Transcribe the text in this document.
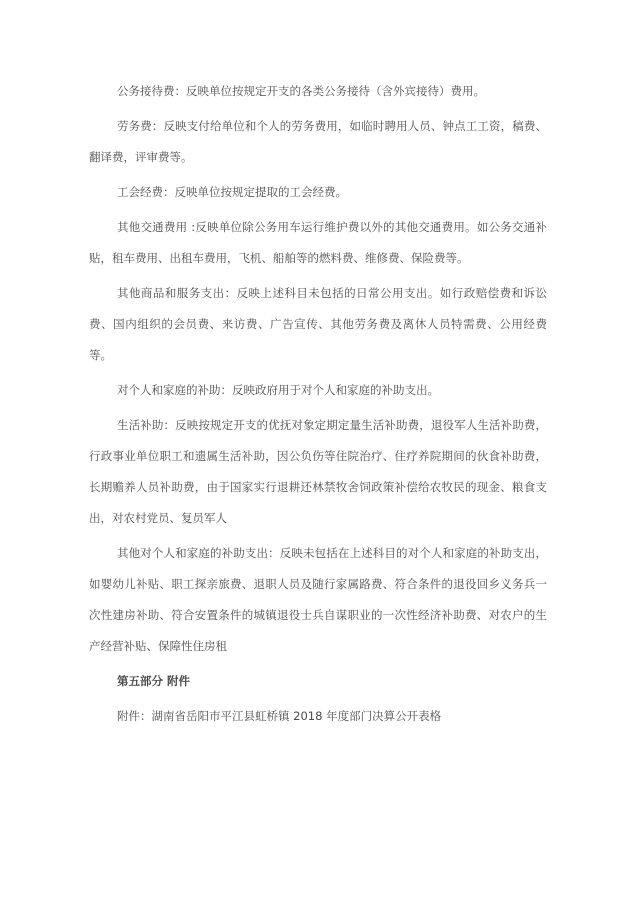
公务接待费：反映单位按规定开支的各类公务接待（含外宾接待）费用。

劳务费：反映支付给单位和个人的劳务费用，如临时聘用人员、钟点工工资，稿费、翻译费，评审费等。

工会经费：反映单位按规定提取的工会经费。

其他交通费用 :反映单位除公务用车运行维护费以外的其他交通费用。如公务交通补贴，租车费用、出租车费用，飞机、船舶等的燃料费、维修费、保险费等。

其他商品和服务支出：反映上述科目未包括的日常公用支出。如行政赔偿费和诉讼费、国内组织的会员费、来访费、广告宣传、其他劳务费及离休人员特需费、公用经费等。

对个人和家庭的补助：反映政府用于对个人和家庭的补助支出。

生活补助：反映按规定开支的优抚对象定期定量生活补助费，退役军人生活补助费，行政事业单位职工和遗属生活补助，因公负伤等住院治疗、住疗养院期间的伙食补助费，长期赡养人员补助费，由于国家实行退耕还林禁牧舍饲政策补偿给农牧民的现金、粮食支出，对农村党员、复员军人

其他对个人和家庭的补助支出：反映未包括在上述科目的对个人和家庭的补助支出，如婴幼儿补贴、职工探亲旅费、退职人员及随行家属路费、符合条件的退役回乡义务兵一次性建房补助、符合安置条件的城镇退役士兵自谋职业的一次性经济补助费、对农户的生产经营补贴、保障性住房租

第五部分 附件

附件：湖南省岳阳市平江县虹桥镇 2018 年度部门决算公开表格
